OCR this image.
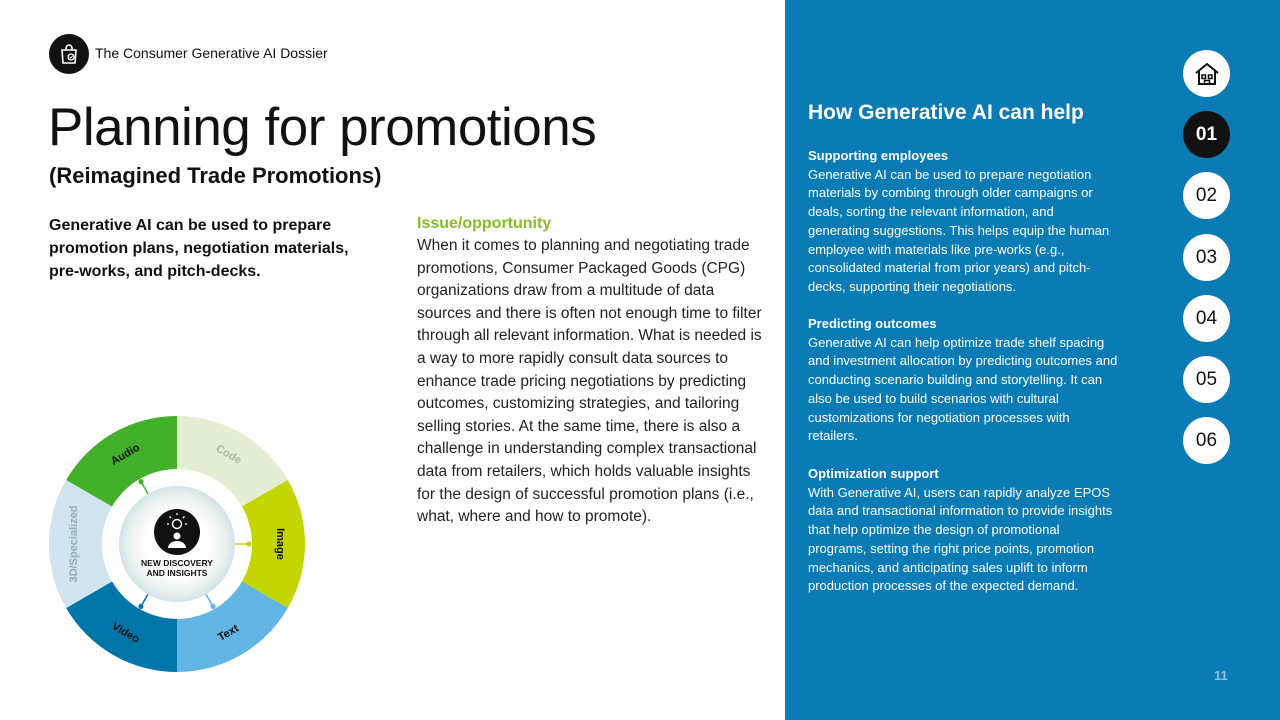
The Consumer Generative AI Dossier
Planning for promotions
(Reimagined Trade Promotions)
Generative AI can be used to prepare promotion plans, negotiation materials, pre-works, and pitch-decks.
Issue/opportunity
When it comes to planning and negotiating trade promotions, Consumer Packaged Goods (CPG) organizations draw from a multitude of data sources and there is often not enough time to filter through all relevant information. What is needed is a way to more rapidly consult data sources to enhance trade pricing negotiations by predicting outcomes, customizing strategies, and tailoring selling stories. At the same time, there is also a challenge in understanding complex transactional data from retailers, which holds valuable insights for the design of successful promotion plans (i.e., what, where and how to promote).
NEW DISCOVERY
AND INSIGHTS
Code
Image
Text
Video
3D/Specialized
Audio
How Generative AI can help
Supporting employees
Generative AI can be used to prepare negotiation materials by combing through older campaigns or deals, sorting the relevant information, and generating suggestions. This helps equip the human employee with materials like pre-works (e.g., consolidated material from prior years) and pitch-decks, supporting their negotiations.
Predicting outcomes
Generative AI can help optimize trade shelf spacing and investment allocation by predicting outcomes and conducting scenario building and storytelling. It can also be used to build scenarios with cultural customizations for negotiation processes with retailers.
Optimization support
With Generative AI, users can rapidly analyze EPOS data and transactional information to provide insights that help optimize the design of promotional programs, setting the right price points, promotion mechanics, and anticipating sales uplift to inform production processes of the expected demand.
01
02
03
04
05
06
11
